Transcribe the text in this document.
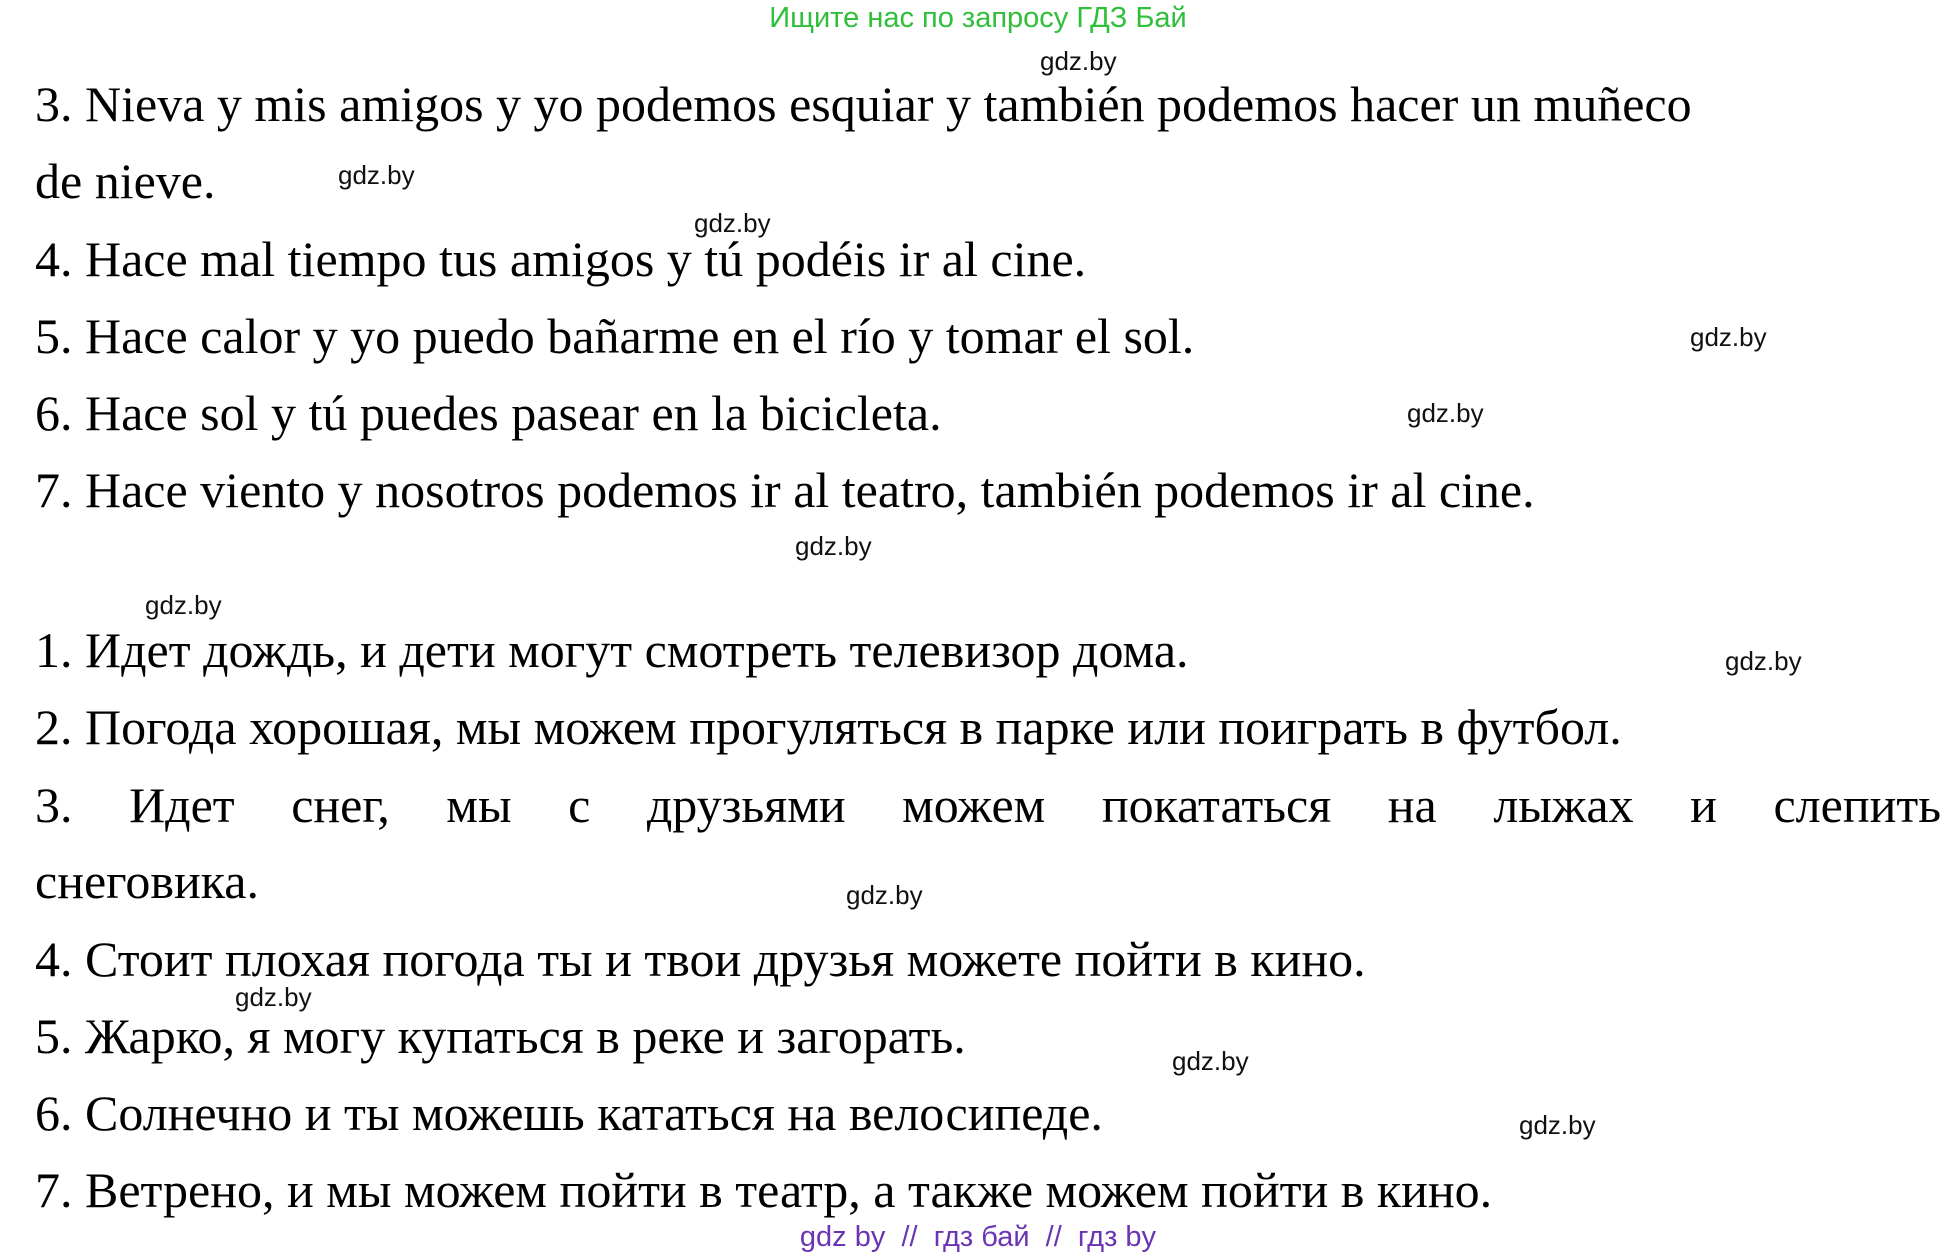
Ищите нас по запросу ГДЗ Бай

3. Nieva y mis amigos y yo podemos esquiar y también podemos hacer un muñeco

de nieve.

4. Hace mal tiempo tus amigos y tú podéis ir al cine.

5. Hace calor y yo puedo bañarme en el río y tomar el sol.

6. Hace sol y tú puedes pasear en la bicicleta.

7. Hace viento y nosotros podemos ir al teatro, también podemos ir al cine.

1. Идет дождь, и дети могут смотреть телевизор дома.

2. Погода хорошая, мы можем прогуляться в парке или поиграть в футбол.

3. Идет снег, мы с друзьями можем покататься на лыжах и слепить

снеговика.

4. Стоит плохая погода ты и твои друзья можете пойти в кино.

5. Жарко, я могу купаться в реке и загорать.

6. Солнечно и ты можешь кататься на велосипеде.

7. Ветрено, и мы можем пойти в театр, а также можем пойти в кино.

gdz.by
gdz.by
gdz.by
gdz.by
gdz.by
gdz.by
gdz.by
gdz.by
gdz.by
gdz.by
gdz.by
gdz.by
gdz by  //  гдз бай  //  гдз by
